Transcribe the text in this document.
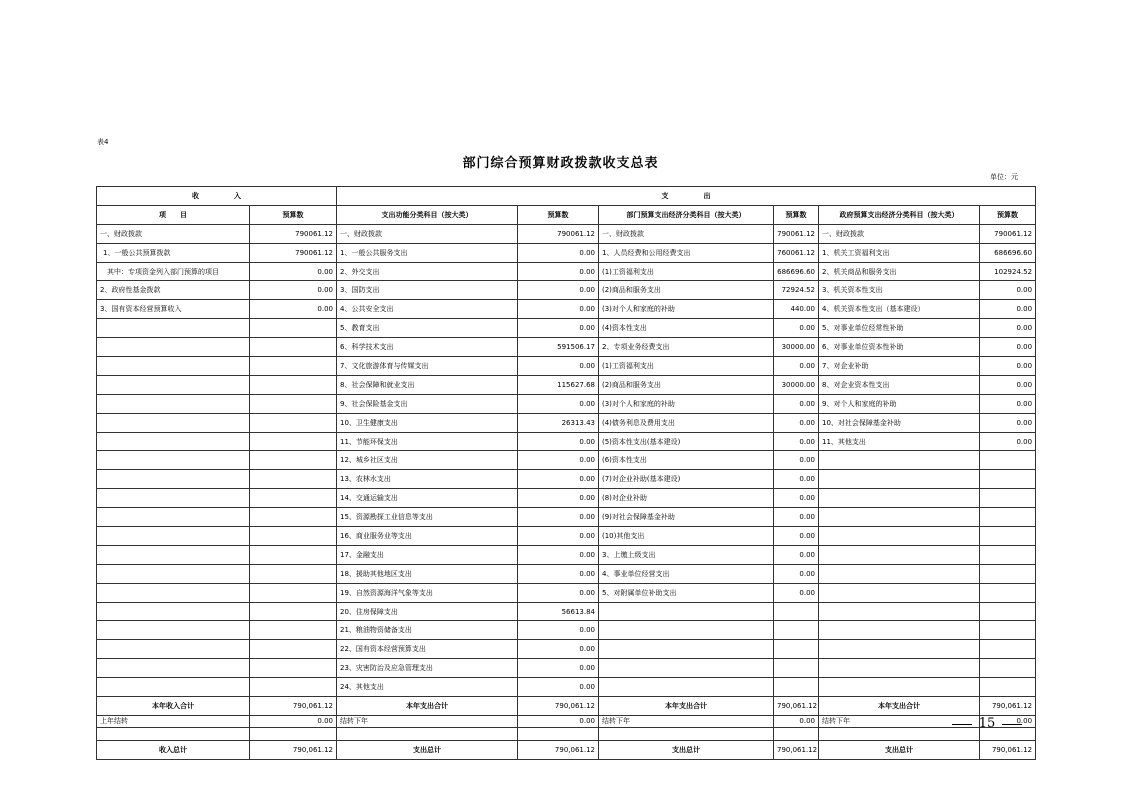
表4
部门综合预算财政拨款收支总表
单位：元
收　　　　　入		支　　　　　出					
项　　目	预算数	支出功能分类科目（按大类）	预算数	部门预算支出经济分类科目（按大类）	预算数	政府预算支出经济分类科目（按大类）	预算数
一、财政拨款	790061.12	一、财政拨款	790061.12	一、财政拨款	790061.12	一、财政拨款	790061.12
1、一般公共预算拨款	790061.12	1、一般公共服务支出	0.00	1、人员经费和公用经费支出	760061.12	1、机关工资福利支出	686696.60
其中：专项资金列入部门预算的项目	0.00	2、外交支出	0.00	(1)工资福利支出	686696.60	2、机关商品和服务支出	102924.52
2、政府性基金拨款	0.00	3、国防支出	0.00	(2)商品和服务支出	72924.52	3、机关资本性支出	0.00
3、国有资本经营预算收入	0.00	4、公共安全支出	0.00	(3)对个人和家庭的补助	440.00	4、机关资本性支出（基本建设）	0.00
		5、教育支出	0.00	(4)资本性支出	0.00	5、对事业单位经常性补助	0.00
		6、科学技术支出	591506.17	2、专项业务经费支出	30000.00	6、对事业单位资本性补助	0.00
		7、文化旅游体育与传媒支出	0.00	(1)工资福利支出	0.00	7、对企业补助	0.00
		8、社会保障和就业支出	115627.68	(2)商品和服务支出	30000.00	8、对企业资本性支出	0.00
		9、社会保险基金支出	0.00	(3)对个人和家庭的补助	0.00	9、对个人和家庭的补助	0.00
		10、卫生健康支出	26313.43	(4)债务利息及费用支出	0.00	10、对社会保障基金补助	0.00
		11、节能环保支出	0.00	(5)资本性支出(基本建设)	0.00	11、其他支出	0.00
		12、城乡社区支出	0.00	(6)资本性支出	0.00		
		13、农林水支出	0.00	(7)对企业补助(基本建设)	0.00		
		14、交通运输支出	0.00	(8)对企业补助	0.00		
		15、资源勘探工业信息等支出	0.00	(9)对社会保障基金补助	0.00		
		16、商业服务业等支出	0.00	(10)其他支出	0.00		
		17、金融支出	0.00	3、上缴上级支出	0.00		
		18、援助其他地区支出	0.00	4、事业单位经营支出	0.00		
		19、自然资源海洋气象等支出	0.00	5、对附属单位补助支出	0.00		
		20、住房保障支出	56613.84				
		21、粮油物资储备支出	0.00				
		22、国有资本经营预算支出	0.00				
		23、灾害防治及应急管理支出	0.00				
		24、其他支出	0.00				
本年收入合计	790,061.12	本年支出合计	790,061.12	本年支出合计	790,061.12	本年支出合计	790,061.12
上年结转	0.00	结转下年	0.00	结转下年	0.00	结转下年	0.00

收入总计	790,061.12	支出总计	790,061.12	支出总计	790,061.12	支出总计	790,061.12
15
